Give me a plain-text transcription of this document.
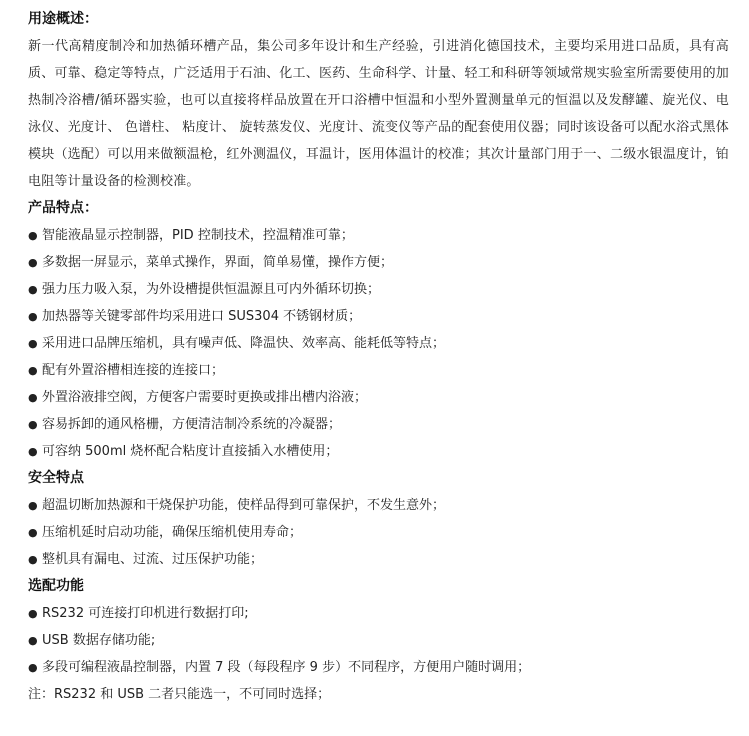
用途概述：

新一代高精度制冷和加热循环槽产品，集公司多年设计和生产经验，引进消化德国技术，主要均采用进口品质，具有高质、可靠、稳定等特点，广泛适用于石油、化工、医药、生命科学、计量、轻工和科研等领域常规实验室所需要使用的加热制冷浴槽/循环器实验，也可以直接将样品放置在开口浴槽中恒温和小型外置测量单元的恒温以及发酵罐、旋光仪、电泳仪、光度计、 色谱柱、 粘度计、 旋转蒸发仪、光度计、流变仪等产品的配套使用仪器；同时该设备可以配水浴式黑体模块（选配）可以用来做额温枪，红外测温仪，耳温计，医用体温计的校准；其次计量部门用于一、二级水银温度计，铂电阻等计量设备的检测校准。

产品特点：
● 智能液晶显示控制器，PID 控制技术，控温精准可靠；
● 多数据一屏显示，菜单式操作，界面，简单易懂，操作方便；
● 强力压力吸入泵，为外设槽提供恒温源且可内外循环切换；
● 加热器等关键零部件均采用进口 SUS304 不锈钢材质；
● 采用进口品牌压缩机，具有噪声低、降温快、效率高、能耗低等特点；
● 配有外置浴槽相连接的连接口；
● 外置浴液排空阀，方便客户需要时更换或排出槽内浴液；
● 容易拆卸的通风格栅，方便清洁制冷系统的冷凝器；
● 可容纳 500ml 烧杯配合粘度计直接插入水槽使用；
安全特点
● 超温切断加热源和干烧保护功能，使样品得到可靠保护，不发生意外；
● 压缩机延时启动功能，确保压缩机使用寿命；
● 整机具有漏电、过流、过压保护功能；
选配功能
● RS232 可连接打印机进行数据打印;
● USB 数据存储功能;
● 多段可编程液晶控制器，内置 7 段（每段程序 9 步）不同程序，方便用户随时调用；
注：RS232 和 USB 二者只能选一，不可同时选择；
